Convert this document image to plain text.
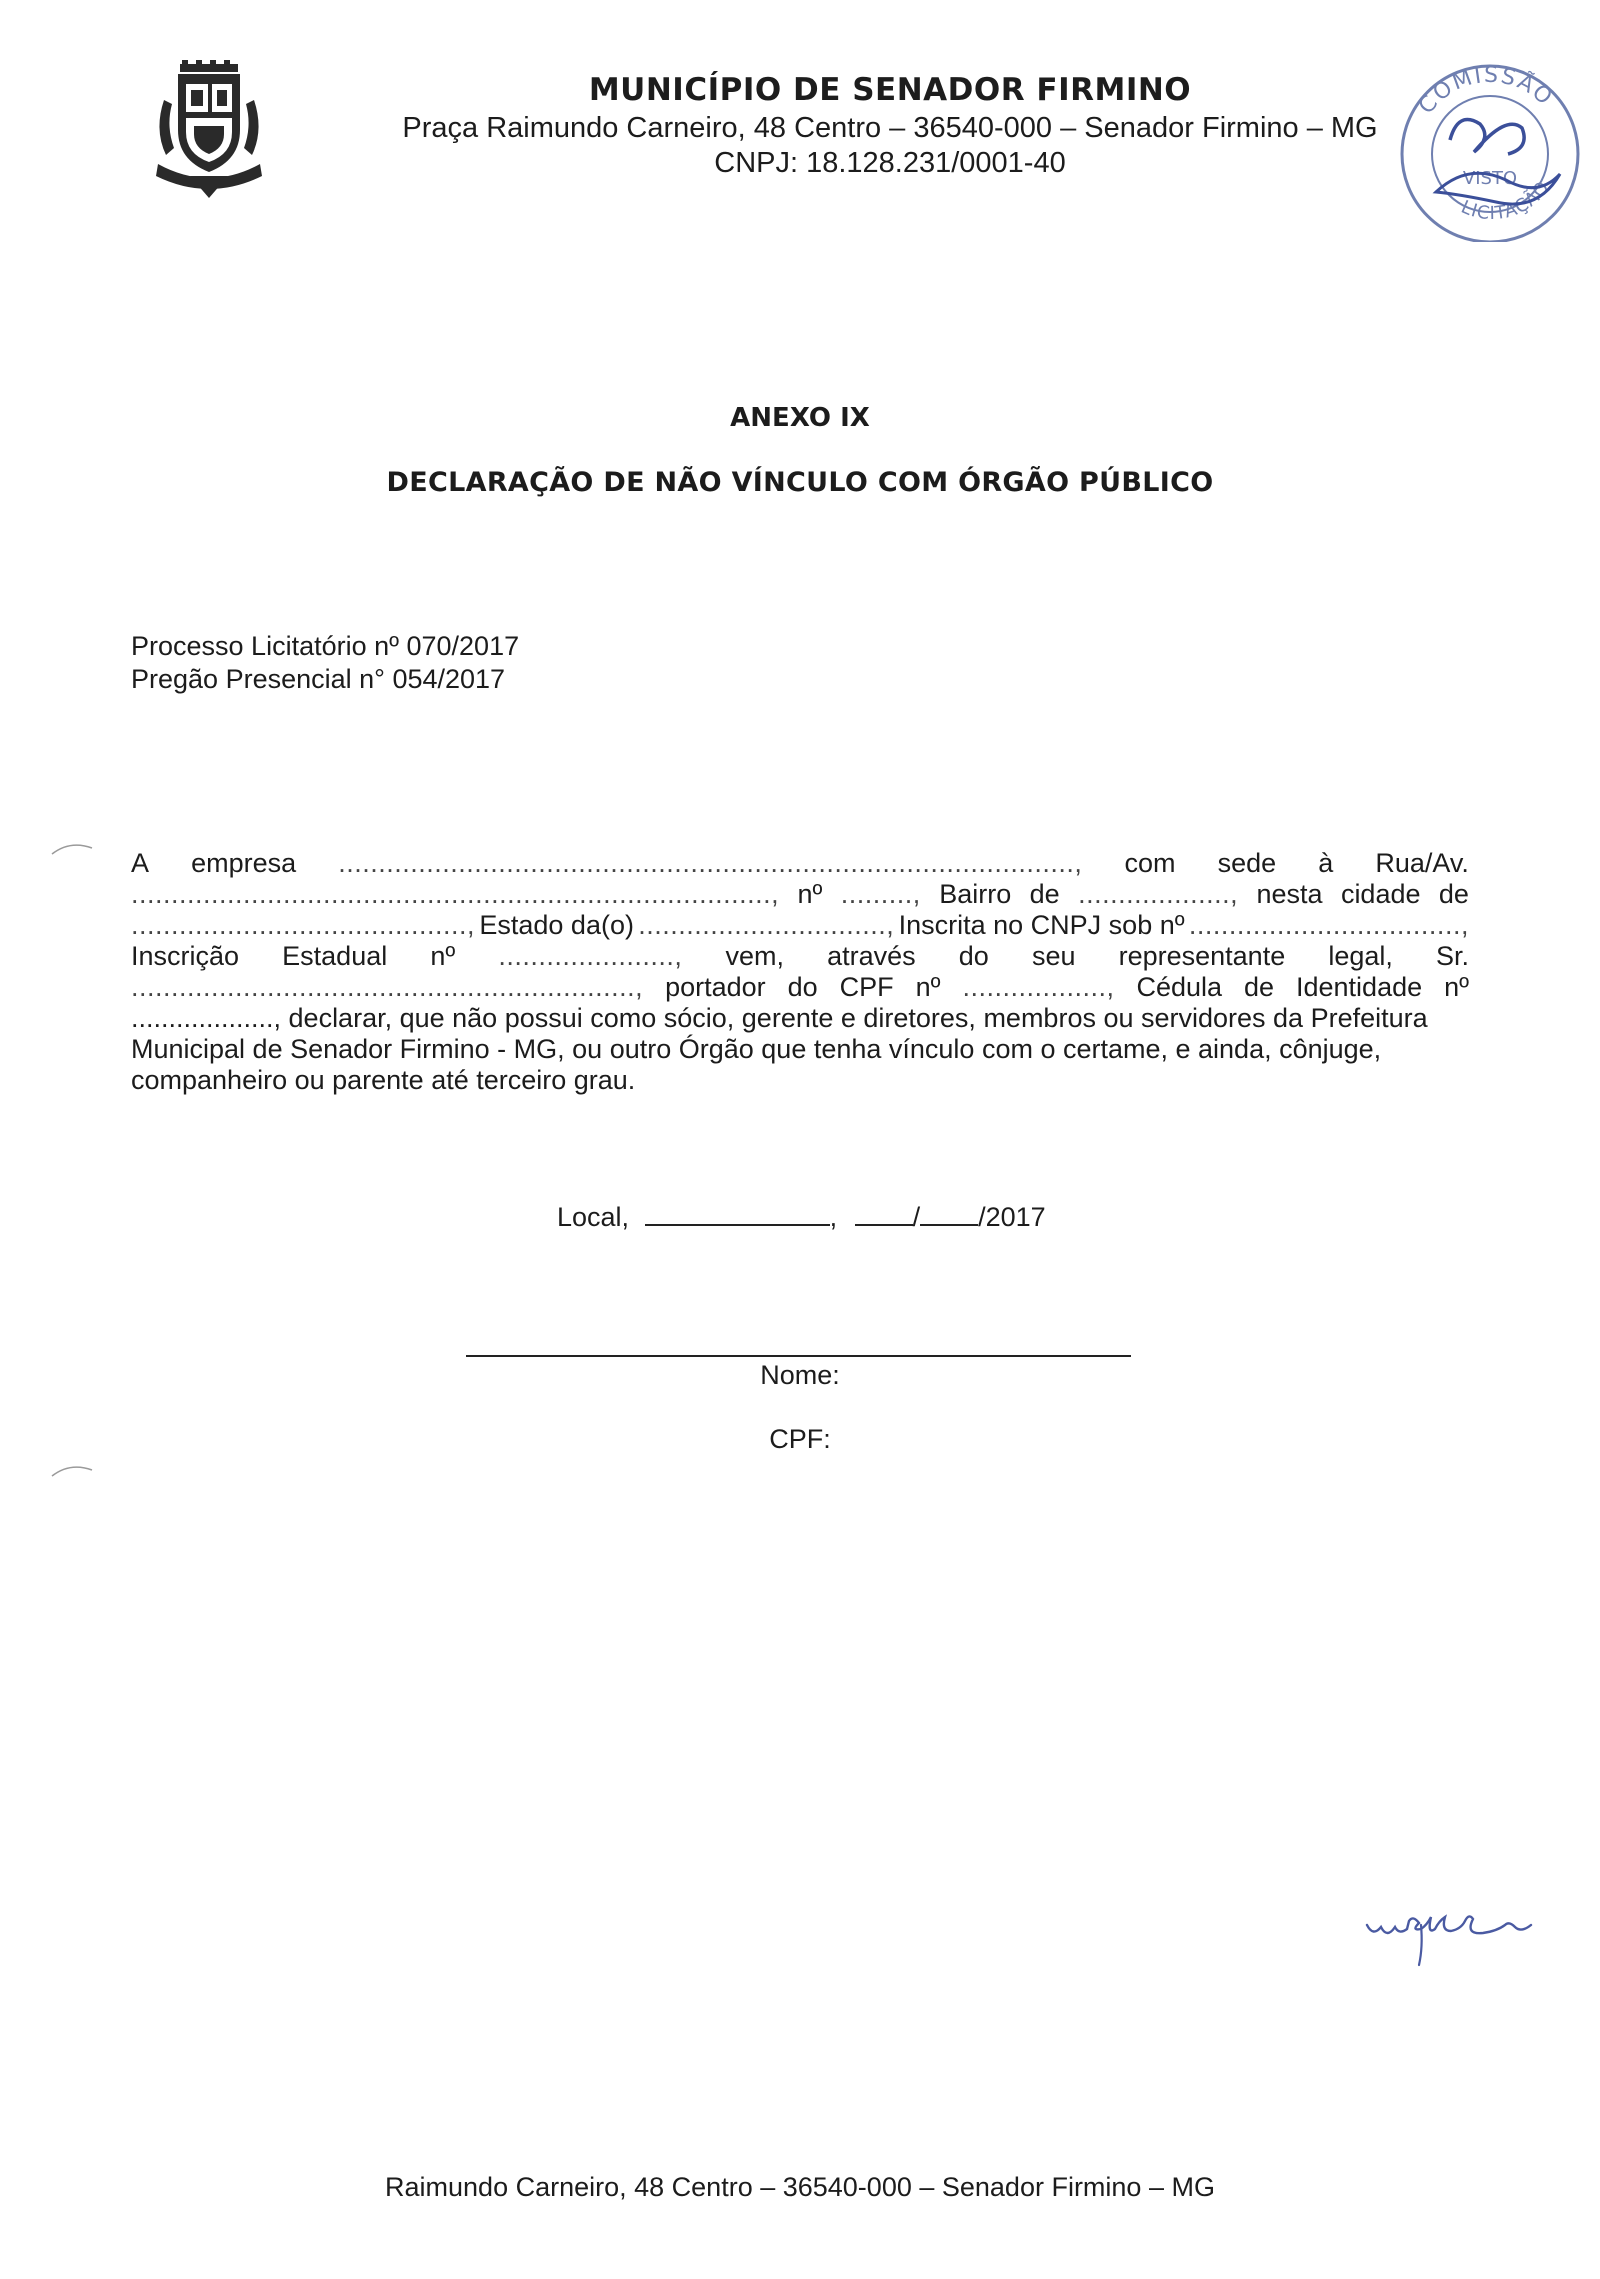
MUNICÍPIO DE SENADOR FIRMINO
Praça Raimundo Carneiro, 48 Centro – 36540-000 – Senador Firmino – MG
CNPJ: 18.128.231/0001-40
COMISSÃO
VISTO
LICITAÇÃO
ANEXO IX
DECLARAÇÃO DE NÃO VÍNCULO COM ÓRGÃO PÚBLICO
Processo Licitatório nº 070/2017
Pregão Presencial n° 054/2017
A empresa ............................................................................................, com sede à Rua/Av.
................................................................................, nº ........., Bairro de ..................., nesta cidade de
.........................................., Estado da(o) ..............................., Inscrita no CNPJ sob nº ..................................,
Inscrição Estadual nº ......................, vem, através do seu representante legal, Sr.
..............................................................., portador do CPF nº .................., Cédula de Identidade nº
..................., declarar, que não possui como sócio, gerente e diretores, membros ou servidores da Prefeitura
Municipal de Senador Firmino - MG, ou outro Órgão que tenha vínculo com o certame, e ainda, cônjuge,
companheiro ou parente até terceiro grau.
Local,	,	/ /2017
Nome:
CPF:
Raimundo Carneiro, 48 Centro – 36540-000 – Senador Firmino – MG
